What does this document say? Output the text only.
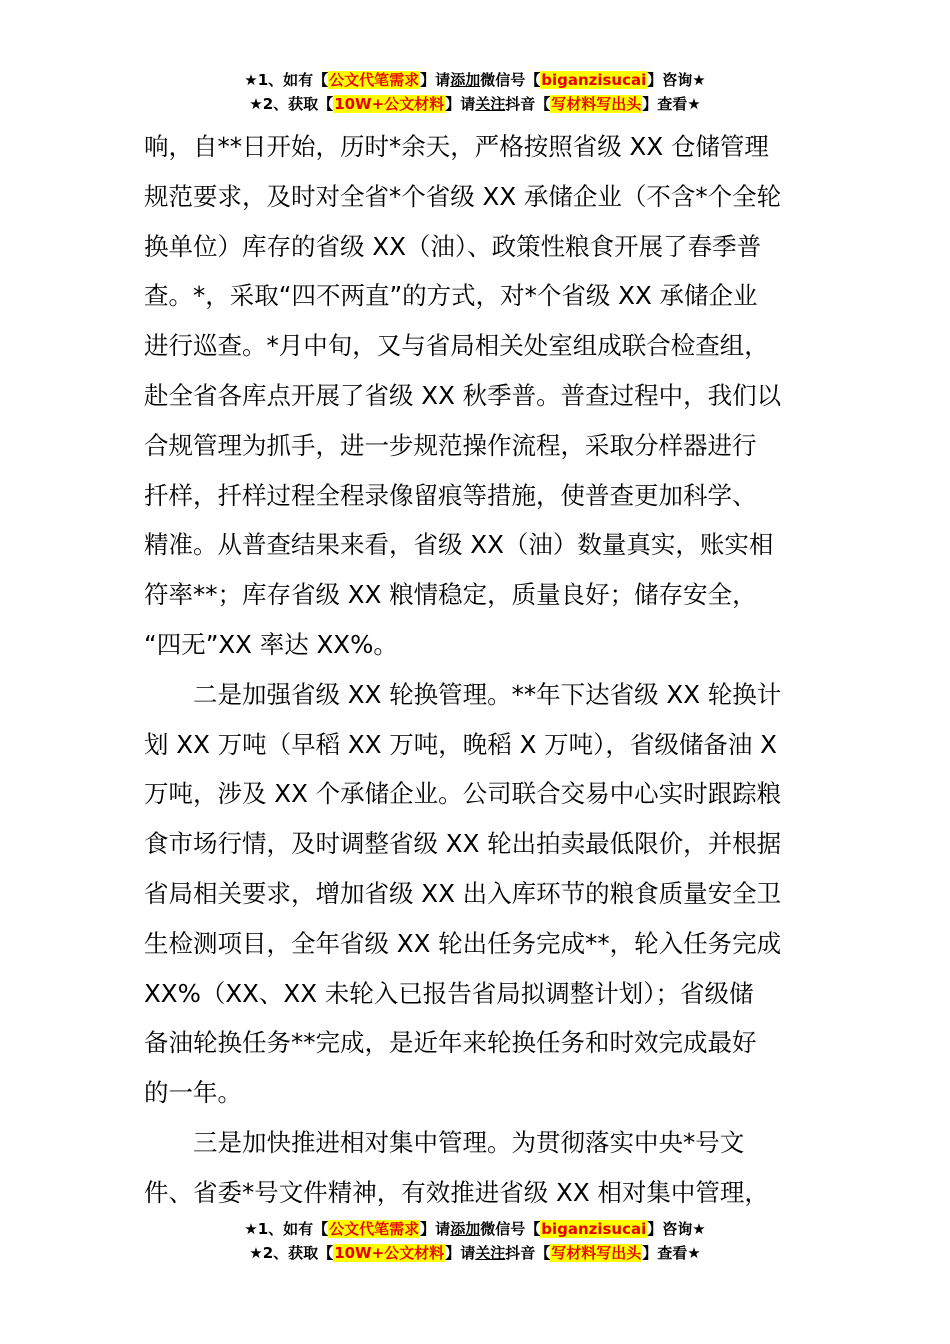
★1、如有【公文代笔需求】请添加微信号【biganzisucai】咨询★
★2、获取【10W+公文材料】请关注抖音【写材料写出头】查看★
响，自**日开始，历时*余天，严格按照省级 XX 仓储管理
规范要求，及时对全省*个省级 XX 承储企业（不含*个全轮
换单位）库存的省级 XX（油）、政策性粮食开展了春季普
查。*，采取“四不两直”的方式，对*个省级 XX 承储企业
进行巡查。*月中旬，又与省局相关处室组成联合检查组，
赴全省各库点开展了省级 XX 秋季普。普查过程中，我们以
合规管理为抓手，进一步规范操作流程，采取分样器进行
扦样，扦样过程全程录像留痕等措施，使普查更加科学、
精准。从普查结果来看，省级 XX（油）数量真实，账实相
符率**；库存省级 XX 粮情稳定，质量良好；储存安全，
“四无”XX 率达 XX%。
二是加强省级 XX 轮换管理。**年下达省级 XX 轮换计
划 XX 万吨（早稻 XX 万吨，晚稻 X 万吨），省级储备油 X
万吨，涉及 XX 个承储企业。公司联合交易中心实时跟踪粮
食市场行情，及时调整省级 XX 轮出拍卖最低限价，并根据
省局相关要求，增加省级 XX 出入库环节的粮食质量安全卫
生检测项目，全年省级 XX 轮出任务完成**，轮入任务完成
XX%（XX、XX 未轮入已报告省局拟调整计划）；省级储
备油轮换任务**完成，是近年来轮换任务和时效完成最好
的一年。
三是加快推进相对集中管理。为贯彻落实中央*号文
件、省委*号文件精神，有效推进省级 XX 相对集中管理，
★1、如有【公文代笔需求】请添加微信号【biganzisucai】咨询★
★2、获取【10W+公文材料】请关注抖音【写材料写出头】查看★
